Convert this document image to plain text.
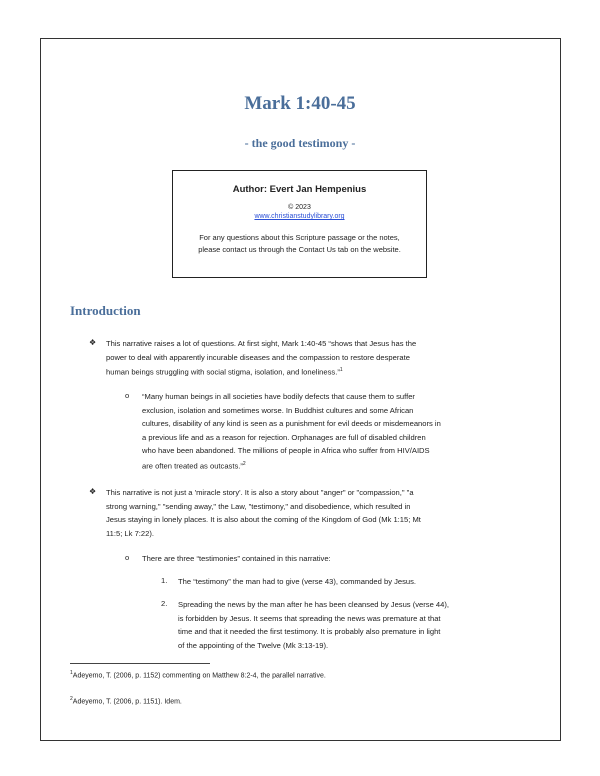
Mark 1:40-45
- the good testimony -
Author: Evert Jan Hempenius
© 2023
www.christianstudylibrary.org
For any questions about this Scripture passage or the notes,
please contact us through the Contact Us tab on the website.
Introduction
❖ This narrative raises a lot of questions. At first sight, Mark 1:40-45 “shows that Jesus has the
power to deal with apparently incurable diseases and the compassion to restore desperate
human beings struggling with social stigma, isolation, and loneliness.”$^1$
o “Many human beings in all societies have bodily defects that cause them to suffer
exclusion, isolation and sometimes worse. In Buddhist cultures and some African
cultures, disability of any kind is seen as a punishment for evil deeds or misdemeanors in
a previous life and as a reason for rejection. Orphanages are full of disabled children
who have been abandoned. The millions of people in Africa who suffer from HIV/AIDS
are often treated as outcasts.”$^2$
❖ This narrative is not just a 'miracle story'. It is also a story about "anger" or "compassion," "a
strong warning," "sending away," the Law, "testimony," and disobedience, which resulted in
Jesus staying in lonely places. It is also about the coming of the Kingdom of God (Mk 1:15; Mt
11:5; Lk 7:22).
o There are three “testimonies” contained in this narrative:
1. The “testimony” the man had to give (verse 43), commanded by Jesus.
2. Spreading the news by the man after he has been cleansed by Jesus (verse 44),
is forbidden by Jesus. It seems that spreading the news was premature at that
time and that it needed the first testimony. It is probably also premature in light
of the appointing of the Twelve (Mk 3:13-19).
$^1$Adeyemo, T. (2006, p. 1152) commenting on Matthew 8:2-4, the parallel narrative.
$^2$Adeyemo, T. (2006, p. 1151). Idem.
